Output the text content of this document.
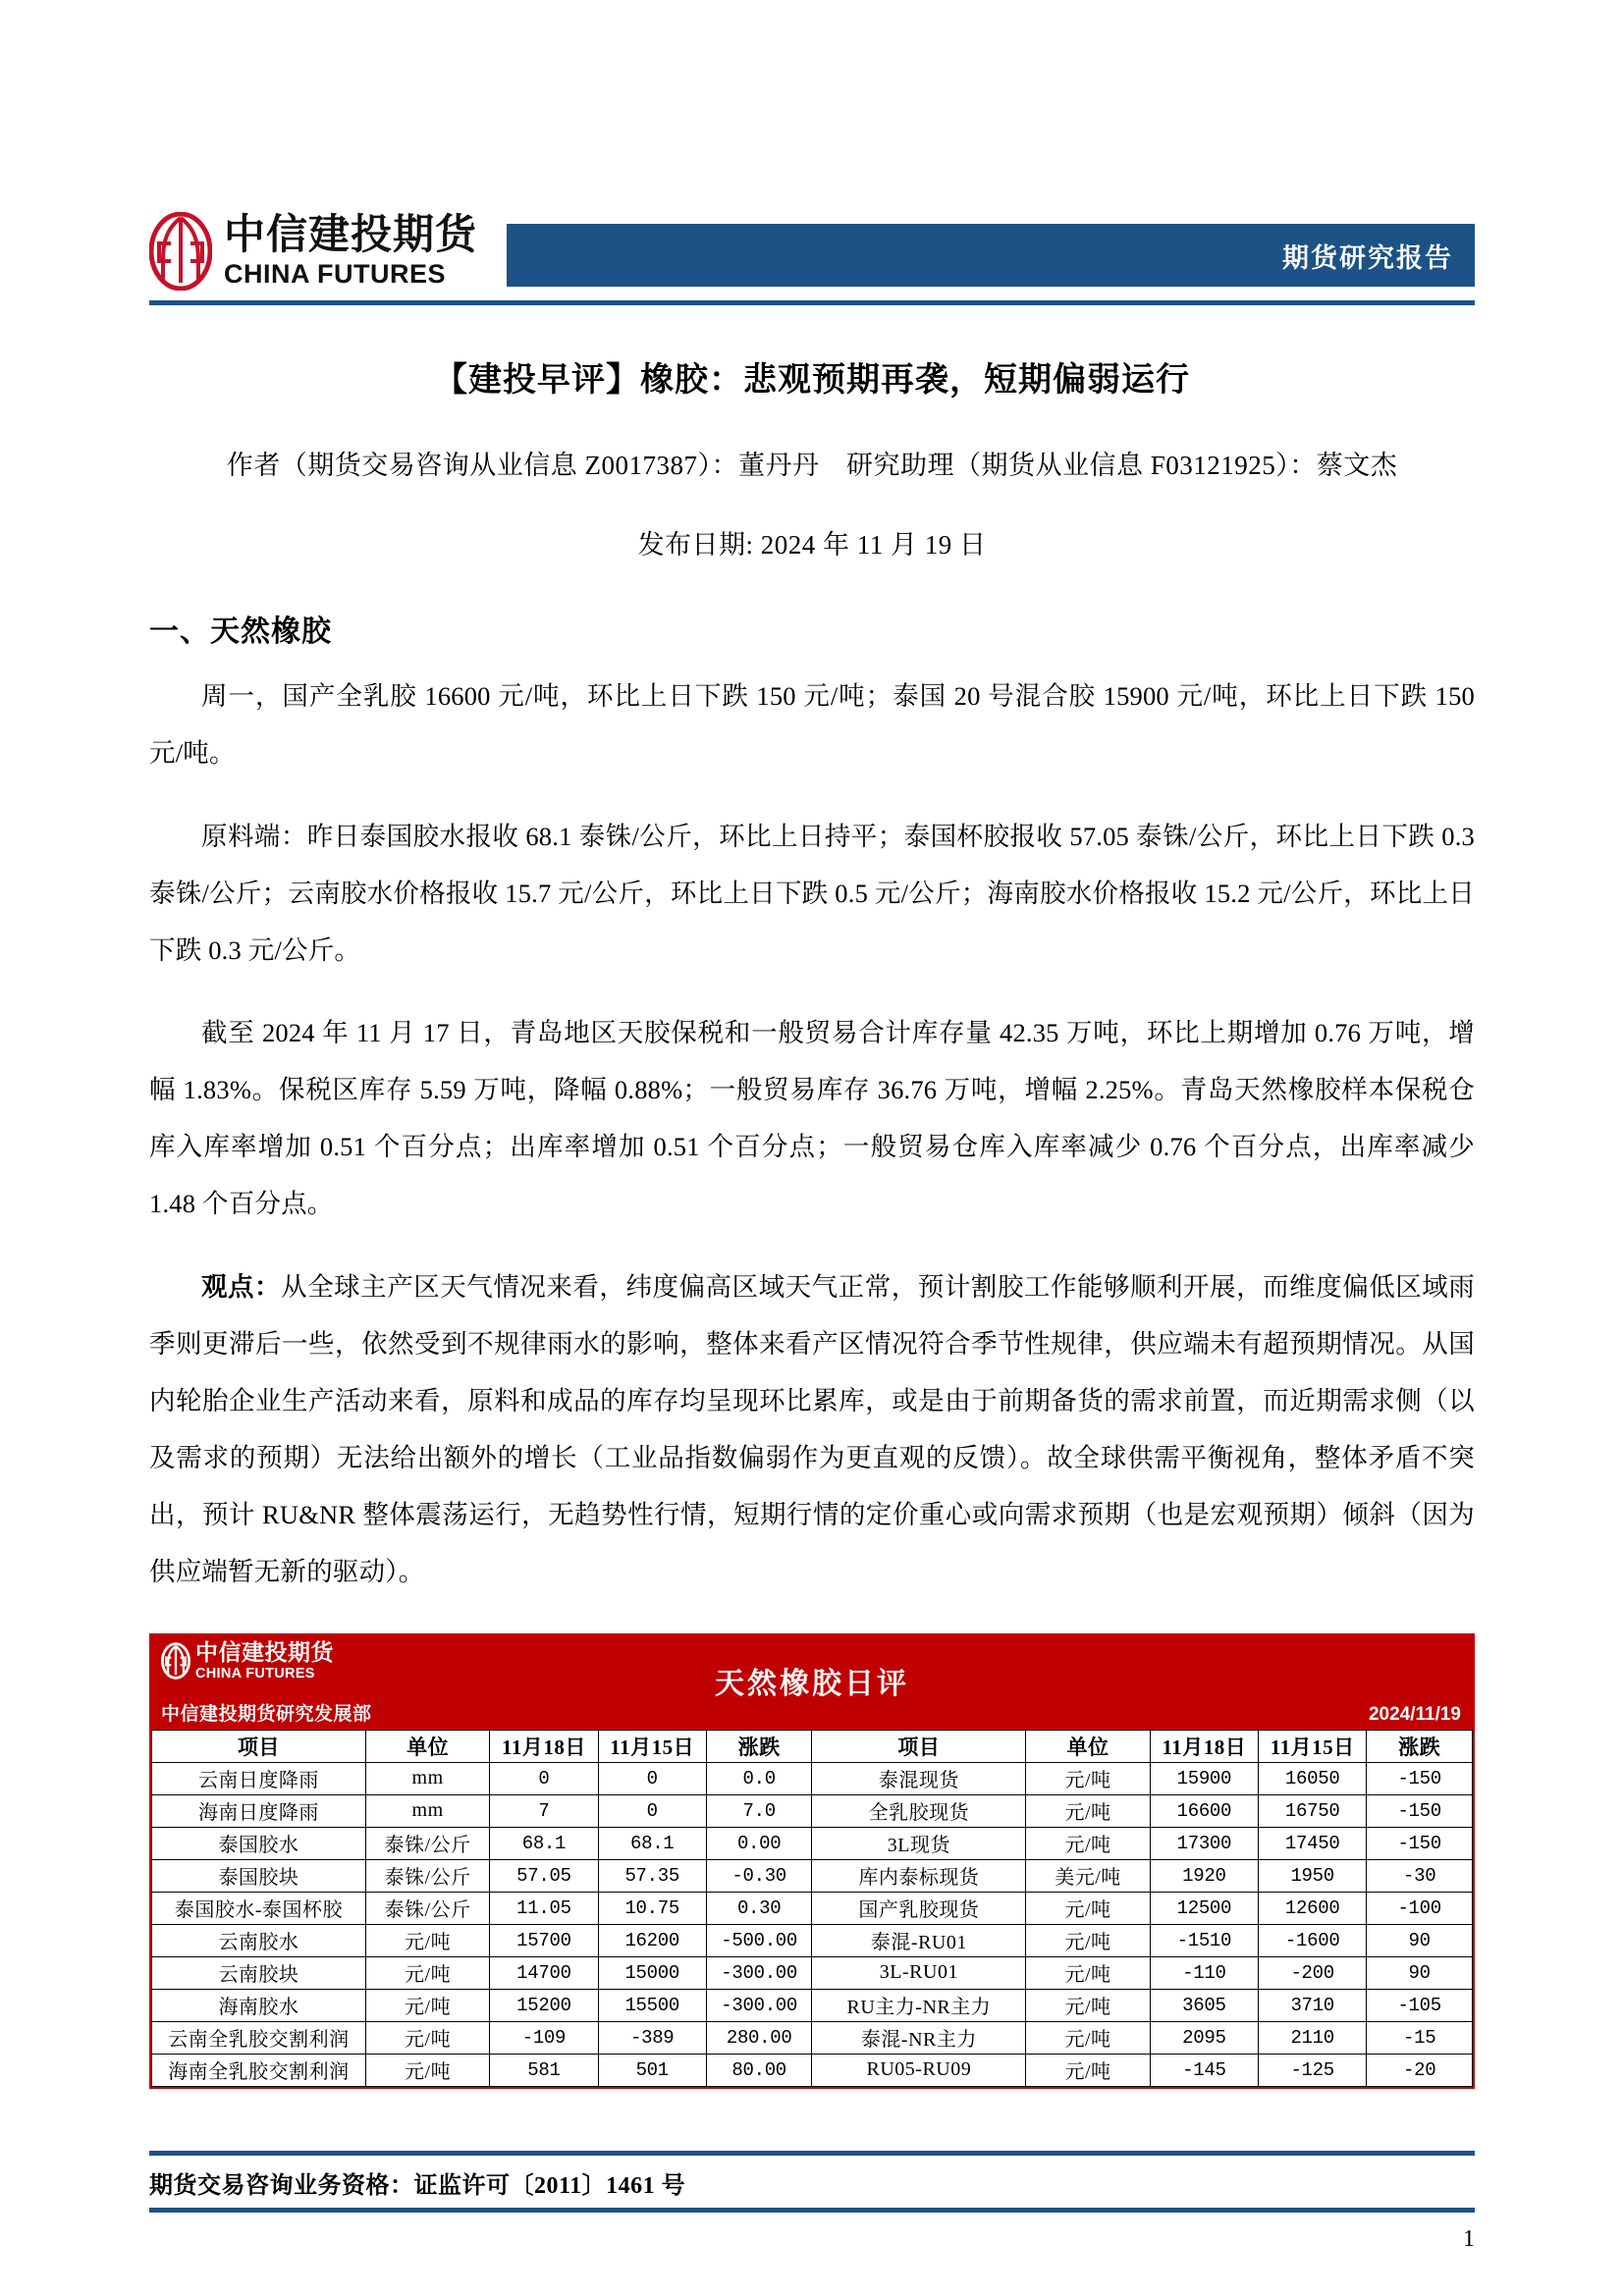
中信建投期货
CHINA FUTURES
期货研究报告
【建投早评】橡胶：悲观预期再袭，短期偏弱运行
作者（期货交易咨询从业信息 Z0017387）：董丹丹　研究助理（期货从业信息 F03121925）：蔡文杰
发布日期: 2024 年 11 月 19 日
一、天然橡胶

周一，国产全乳胶 16600 元/吨，环比上日下跌 150 元/吨；泰国 20 号混合胶 15900 元/吨，环比上日下跌 150 元/吨。

原料端：昨日泰国胶水报收 68.1 泰铢/公斤，环比上日持平；泰国杯胶报收 57.05 泰铢/公斤，环比上日下跌 0.3 泰铢/公斤；云南胶水价格报收 15.7 元/公斤，环比上日下跌 0.5 元/公斤；海南胶水价格报收 15.2 元/公斤，环比上日下跌 0.3 元/公斤。

截至 2024 年 11 月 17 日，青岛地区天胶保税和一般贸易合计库存量 42.35 万吨，环比上期增加 0.76 万吨，增幅 1.83%。保税区库存 5.59 万吨，降幅 0.88%；一般贸易库存 36.76 万吨，增幅 2.25%。青岛天然橡胶样本保税仓库入库率增加 0.51 个百分点；出库率增加 0.51 个百分点；一般贸易仓库入库率减少 0.76 个百分点，出库率减少 1.48 个百分点。

观点：从全球主产区天气情况来看，纬度偏高区域天气正常，预计割胶工作能够顺利开展，而维度偏低区域雨季则更滞后一些，依然受到不规律雨水的影响，整体来看产区情况符合季节性规律，供应端未有超预期情况。从国内轮胎企业生产活动来看，原料和成品的库存均呈现环比累库，或是由于前期备货的需求前置，而近期需求侧（以及需求的预期）无法给出额外的增长（工业品指数偏弱作为更直观的反馈）。故全球供需平衡视角，整体矛盾不突出，预计 RU&NR 整体震荡运行，无趋势性行情，短期行情的定价重心或向需求预期（也是宏观预期）倾斜（因为供应端暂无新的驱动）。

中信建投期货
CHINA FUTURES	天然橡胶日评
中信建投期货研究发展部	2024/11/19
项目	单位	11月18日	11月15日	涨跌	项目	单位	11月18日	11月15日	涨跌
云南日度降雨	mm	0	0	0.0	泰混现货	元/吨	15900	16050	-150
海南日度降雨	mm	7	0	7.0	全乳胶现货	元/吨	16600	16750	-150
泰国胶水	泰铢/公斤	68.1	68.1	0.00	3L现货	元/吨	17300	17450	-150
泰国胶块	泰铢/公斤	57.05	57.35	-0.30	库内泰标现货	美元/吨	1920	1950	-30
泰国胶水-泰国杯胶	泰铢/公斤	11.05	10.75	0.30	国产乳胶现货	元/吨	12500	12600	-100
云南胶水	元/吨	15700	16200	-500.00	泰混-RU01	元/吨	-1510	-1600	90
云南胶块	元/吨	14700	15000	-300.00	3L-RU01	元/吨	-110	-200	90
海南胶水	元/吨	15200	15500	-300.00	RU主力-NR主力	元/吨	3605	3710	-105
云南全乳胶交割利润	元/吨	-109	-389	280.00	泰混-NR主力	元/吨	2095	2110	-15
海南全乳胶交割利润	元/吨	581	501	80.00	RU05-RU09	元/吨	-145	-125	-20
期货交易咨询业务资格：证监许可〔2011〕1461 号
1
